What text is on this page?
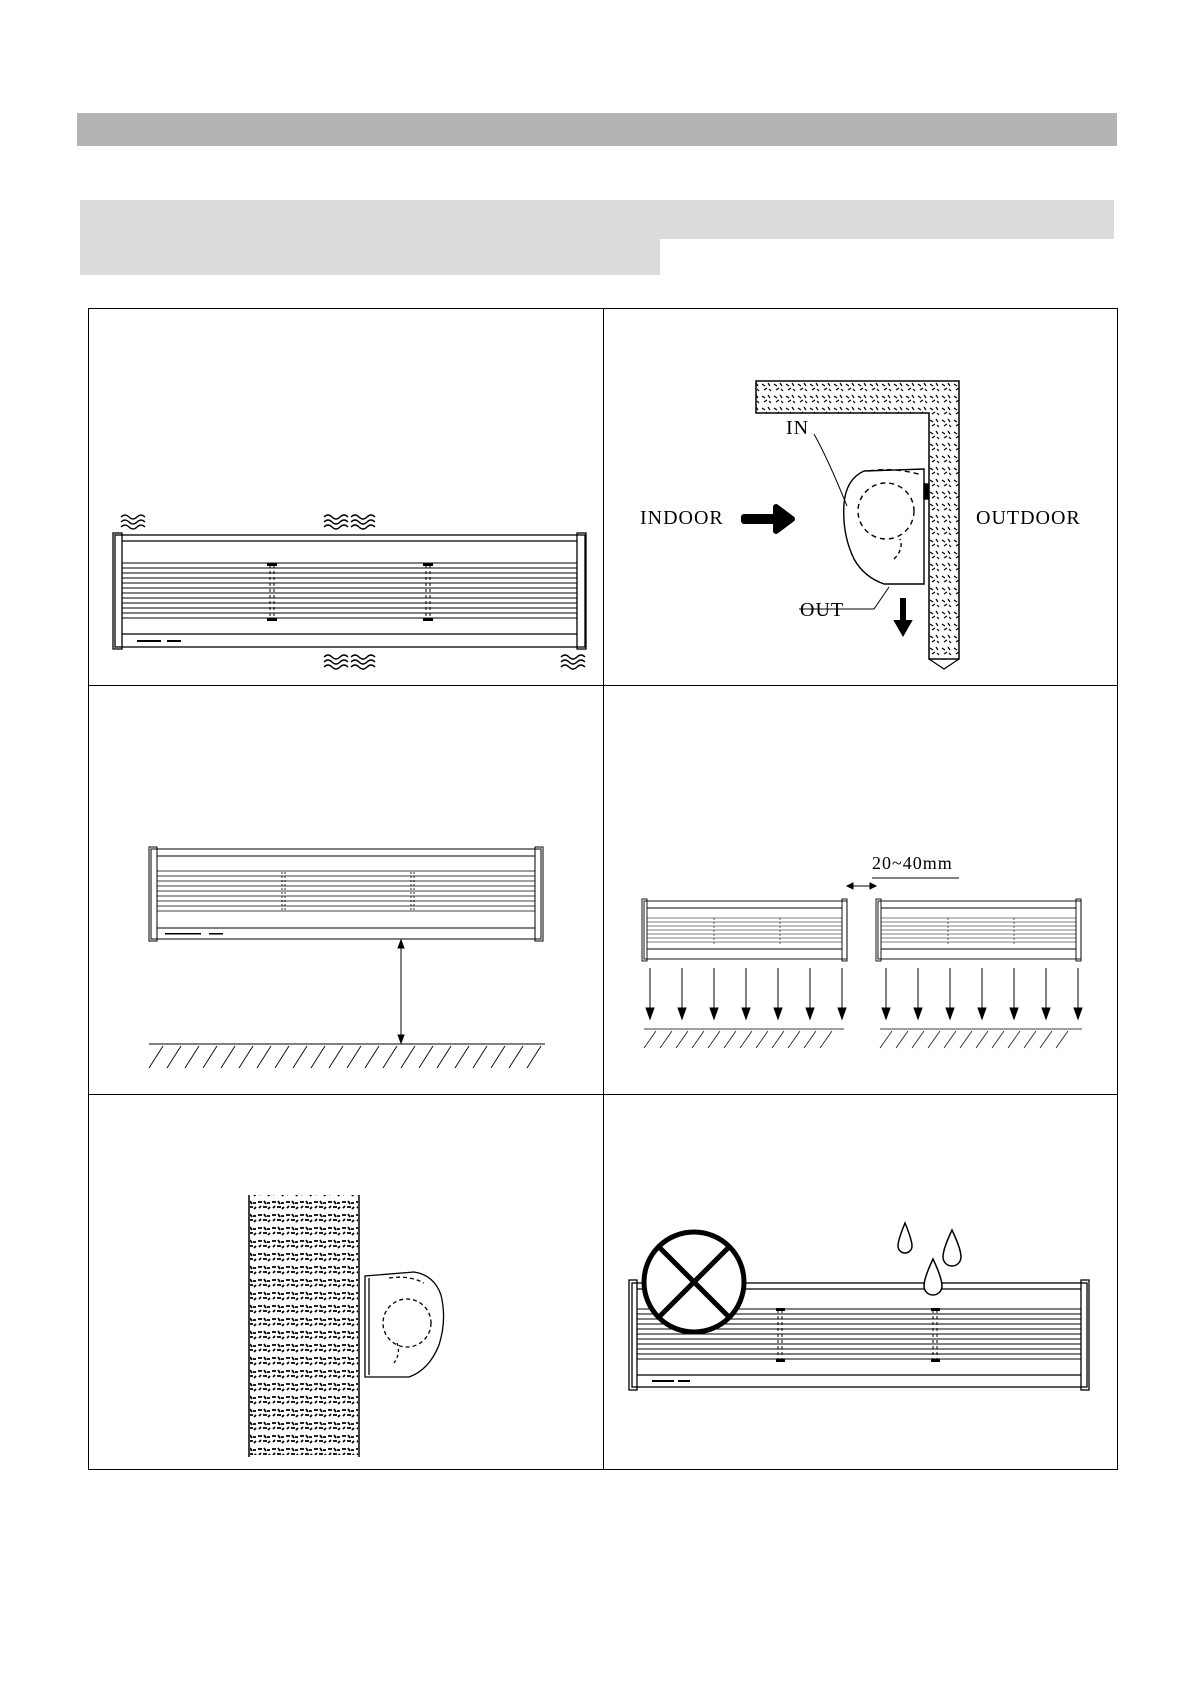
IN
OUT
INDOOR	OUTDOOR
20~40mm
